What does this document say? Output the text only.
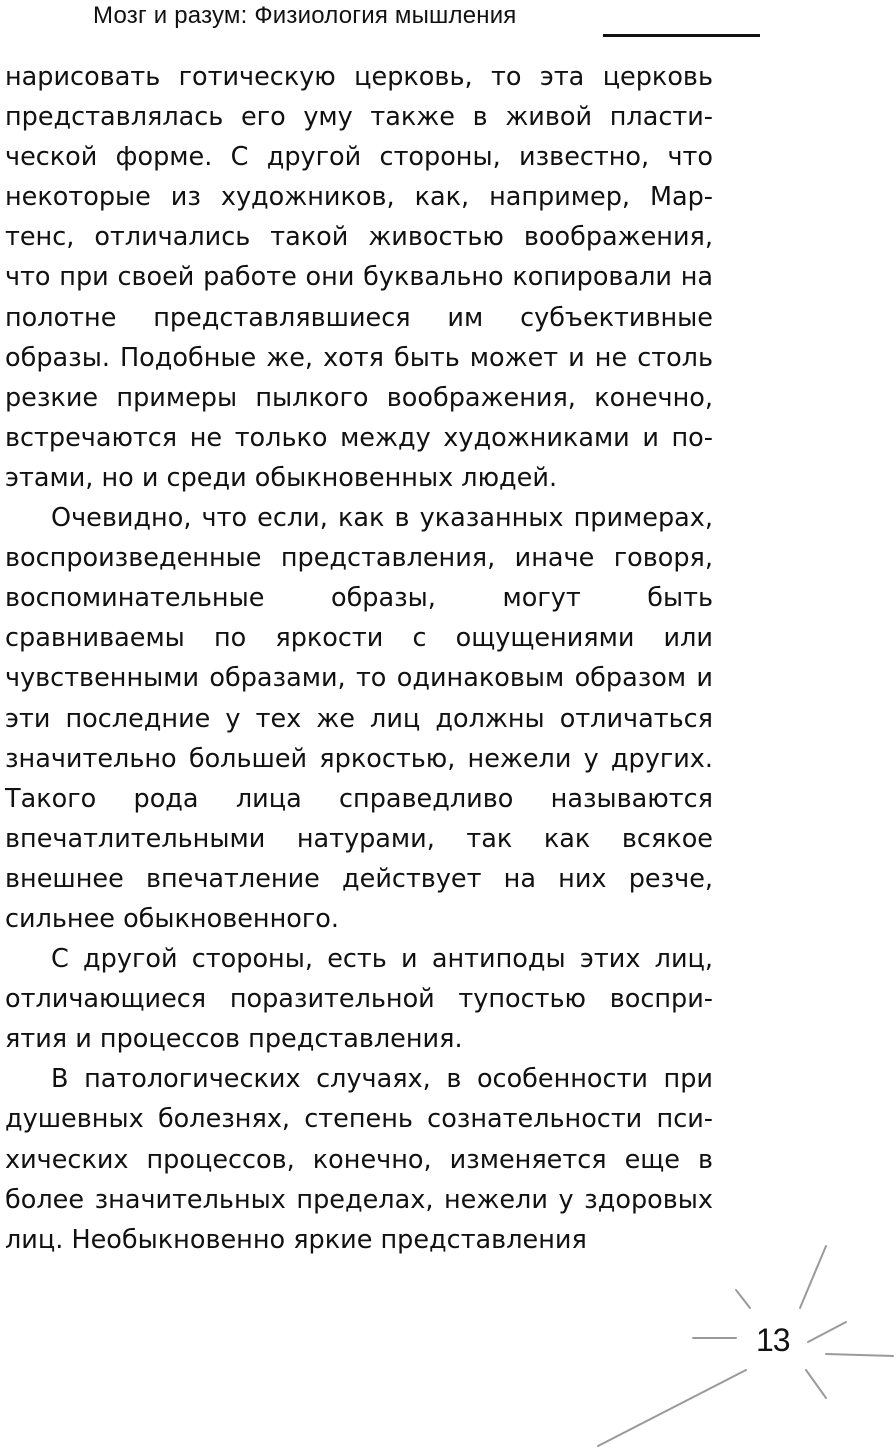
Мозг и разум: Физиология мышления

нарисовать готическую церковь, то эта церковь представлялась его уму также в живой пластической форме. С другой стороны, известно, что некоторые из художников, как, например, Мартенс, отличались такой живостью воображения, что при своей работе они буквально копировали на полотне представлявшиеся им субъективные образы. Подобные же, хотя быть может и не столь резкие примеры пылкого воображения, конечно, встречаются не только между художниками и поэтами, но и среди обыкновенных людей.

Очевидно, что если, как в указанных примерах, воспроизведенные представления, иначе говоря, воспоминательные образы, могут быть сравниваемы по яркости с ощущениями или чувственными образами, то одинаковым образом и эти последние у тех же лиц должны отличаться значительно большей яркостью, нежели у других. Такого рода лица справедливо называются впечатлительными натурами, так как всякое внешнее впечатление действует на них резче, сильнее обыкновенного.

С другой стороны, есть и антиподы этих лиц, отличающиеся поразительной тупостью восприятия и процессов представления.

В патологических случаях, в особенности при душевных болезнях, степень сознательности психических процессов, конечно, изменяется еще в более значительных пределах, нежели у здоровых лиц. Необыкновенно яркие представления

13
